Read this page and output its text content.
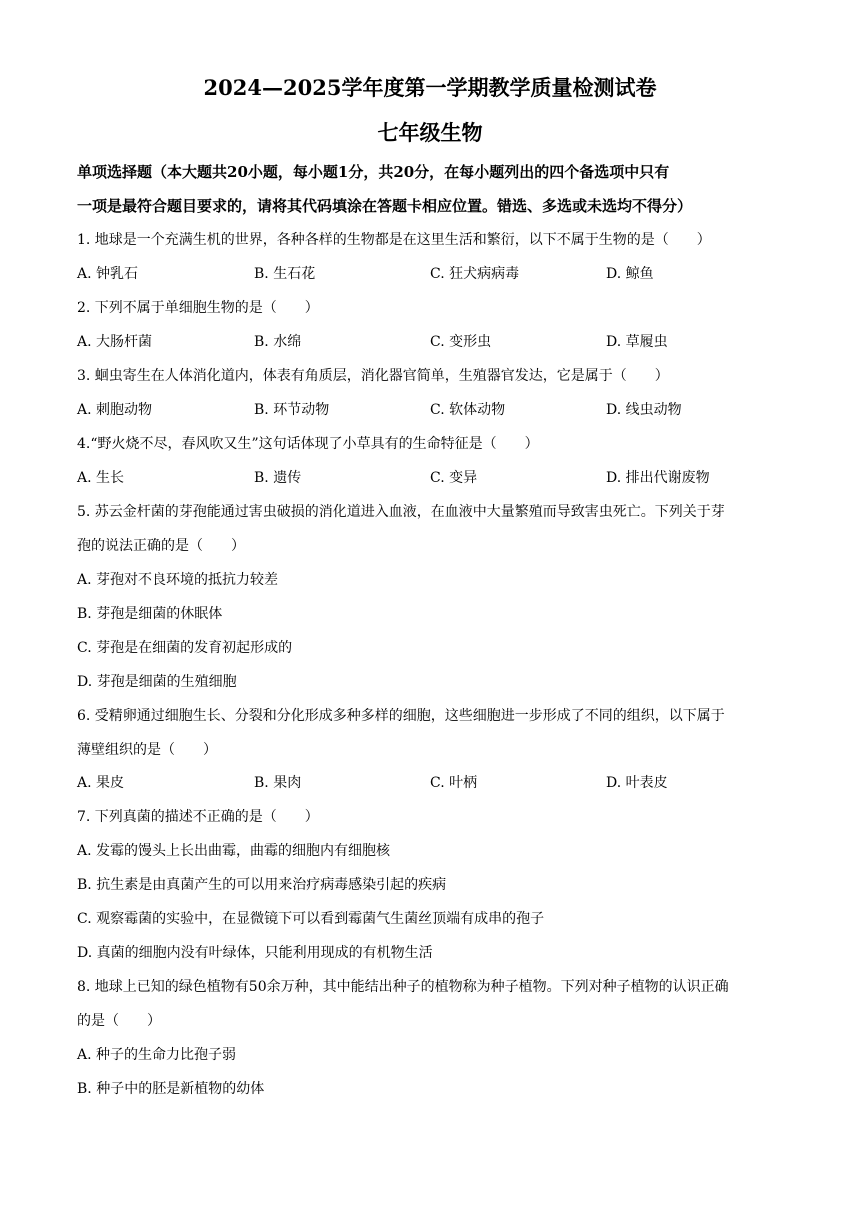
2024—2025学年度第一学期教学质量检测试卷
七年级生物
单项选择题（本大题共20小题，每小题1分，共20分，在每小题列出的四个备选项中只有
一项是最符合题目要求的，请将其代码填涂在答题卡相应位置。错选、多选或未选均不得分）
1. 地球是一个充满生机的世界，各种各样的生物都是在这里生活和繁衍，以下不属于生物的是（　　）
A. 钟乳石	B. 生石花	C. 狂犬病病毒	D. 鲸鱼
2. 下列不属于单细胞生物的是（　　）
A. 大肠杆菌	B. 水绵	C. 变形虫	D. 草履虫
3. 蛔虫寄生在人体消化道内，体表有角质层，消化器官简单，生殖器官发达，它是属于（　　）
A. 刺胞动物	B. 环节动物	C. 软体动物	D. 线虫动物
4.“野火烧不尽，春风吹又生”这句话体现了小草具有的生命特征是（　　）
A. 生长	B. 遗传	C. 变异	D. 排出代谢废物
5. 苏云金杆菌的芽孢能通过害虫破损的消化道进入血液，在血液中大量繁殖而导致害虫死亡。下列关于芽
孢的说法正确的是（　　）
A. 芽孢对不良环境的抵抗力较差
B. 芽孢是细菌的休眠体
C. 芽孢是在细菌的发育初起形成的
D. 芽孢是细菌的生殖细胞
6. 受精卵通过细胞生长、分裂和分化形成多种多样的细胞，这些细胞进一步形成了不同的组织，以下属于
薄壁组织的是（　　）
A. 果皮	B. 果肉	C. 叶柄	D. 叶表皮
7. 下列真菌的描述不正确的是（　　）
A. 发霉的馒头上长出曲霉，曲霉的细胞内有细胞核
B. 抗生素是由真菌产生的可以用来治疗病毒感染引起的疾病
C. 观察霉菌的实验中，在显微镜下可以看到霉菌气生菌丝顶端有成串的孢子
D. 真菌的细胞内没有叶绿体，只能利用现成的有机物生活
8. 地球上已知的绿色植物有50余万种，其中能结出种子的植物称为种子植物。下列对种子植物的认识正确
的是（　　）
A. 种子的生命力比孢子弱
B. 种子中的胚是新植物的幼体
